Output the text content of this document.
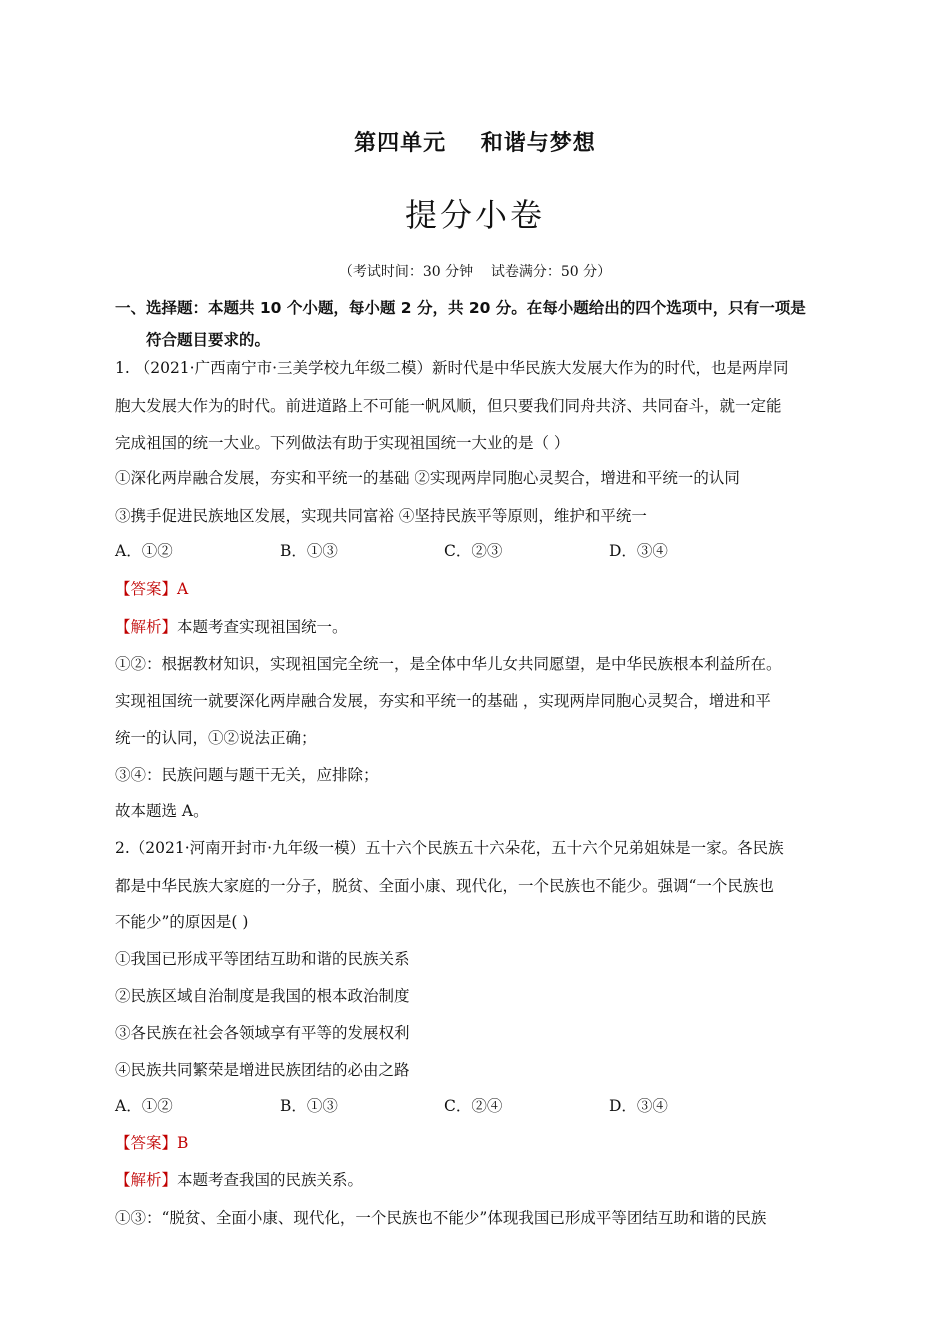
第四单元    和谐与梦想
提分小卷
（考试时间：30 分钟    试卷满分：50 分）
一、选择题：本题共 10 个小题，每小题 2 分，共 20 分。在每小题给出的四个选项中，只有一项是
符合题目要求的。
1. （2021·广西南宁市·三美学校九年级二模）新时代是中华民族大发展大作为的时代，也是两岸同
胞大发展大作为的时代。前进道路上不可能一帆风顺，但只要我们同舟共济、共同奋斗，就一定能
完成祖国的统一大业。下列做法有助于实现祖国统一大业的是（ ）
①深化两岸融合发展，夯实和平统一的基础 ②实现两岸同胞心灵契合，增进和平统一的认同
③携手促进民族地区发展，实现共同富裕 ④坚持民族平等原则，维护和平统一
A．①②	B．①③	C．②③	D．③④
【答案】A
【解析】本题考查实现祖国统一。
①②：根据教材知识，实现祖国完全统一，是全体中华儿女共同愿望，是中华民族根本利益所在。
实现祖国统一就要深化两岸融合发展，夯实和平统一的基础 ，实现两岸同胞心灵契合，增进和平
统一的认同，①②说法正确；
③④：民族问题与题干无关，应排除；
故本题选 A。
2.（2021·河南开封市·九年级一模）五十六个民族五十六朵花，五十六个兄弟姐妹是一家。各民族
都是中华民族大家庭的一分子，脱贫、全面小康、现代化，一个民族也不能少。强调“一个民族也
不能少”的原因是( )
①我国已形成平等团结互助和谐的民族关系
②民族区域自治制度是我国的根本政治制度
③各民族在社会各领域享有平等的发展权利
④民族共同繁荣是增进民族团结的必由之路
A．①②	B．①③	C．②④	D．③④
【答案】B
【解析】本题考查我国的民族关系。
①③：“脱贫、全面小康、现代化，一个民族也不能少”体现我国已形成平等团结互助和谐的民族
